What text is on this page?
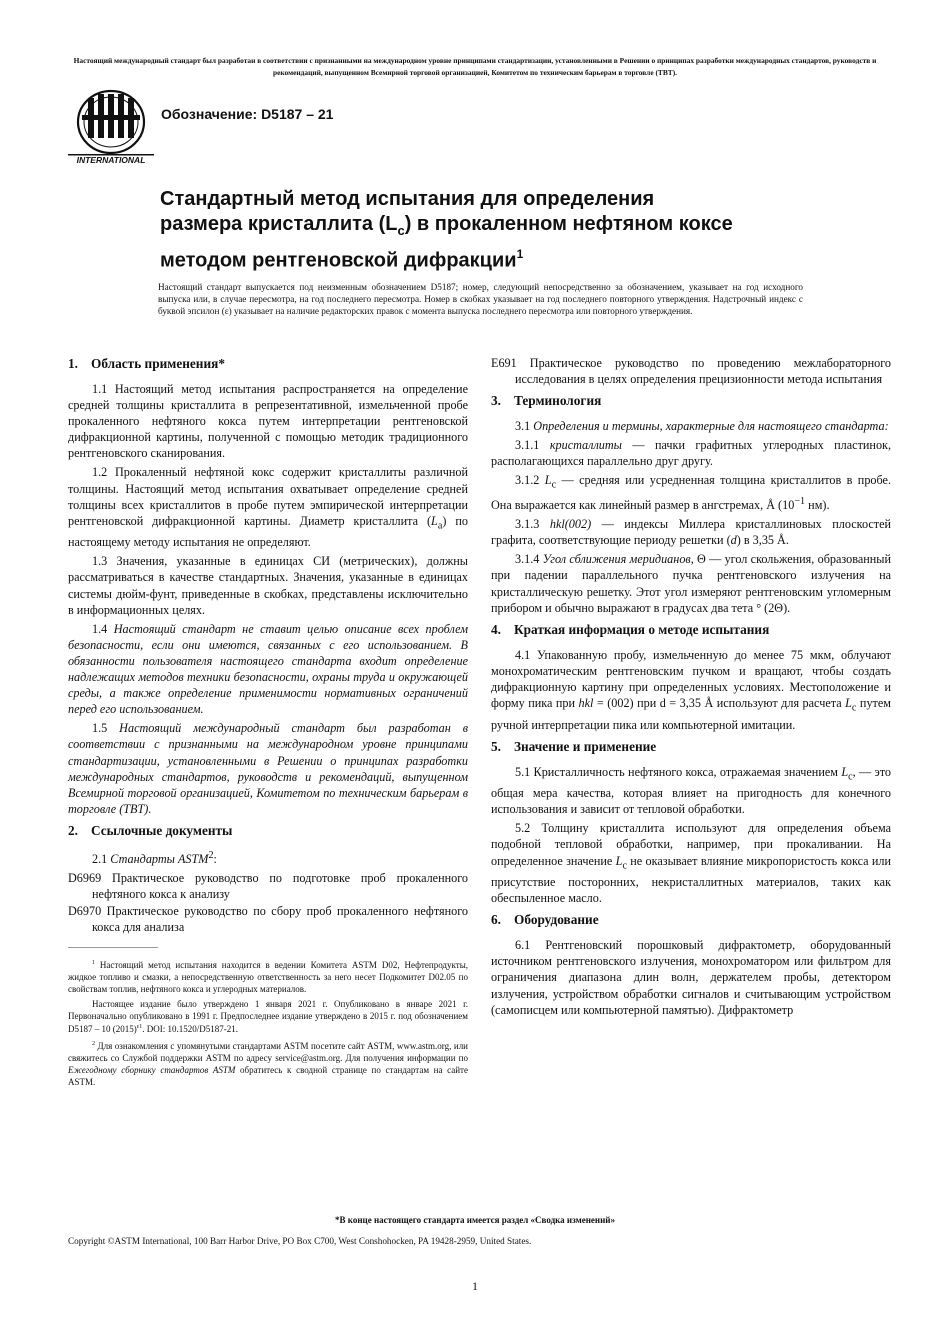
Настоящий международный стандарт был разработан в соответствии с признанными на международном уровне принципами стандартизации, установленными в Решении о принципах разработки международных стандартов, руководств и рекомендаций, выпущенном Всемирной торговой организацией, Комитетом по техническим барьерам в торговле (TBT).
INTERNATIONAL
Обозначение: D5187 – 21
Стандартный метод испытания для определения
размера кристаллита $(L_c)$ в прокаленном нефтяном коксе
методом рентгеновской дифракции$^1$
Настоящий стандарт выпускается под неизменным обозначением D5187; номер, следующий непосредственно за обозначением, указывает на год исходного выпуска или, в случае пересмотра, на год последнего пересмотра. Номер в скобках указывает на год последнего повторного утверждения. Надстрочный индекс с буквой эпсилон (ε) указывает на наличие редакторских правок с момента выпуска последнего пересмотра или повторного утверждения.
1. Область применения*

1.1 Настоящий метод испытания распространяется на определение средней толщины кристаллита в репрезентативной, измельченной пробе прокаленного нефтяного кокса путем интерпретации рентгеновской дифракционной картины, полученной с помощью методик традиционного рентгеновского сканирования.

1.2 Прокаленный нефтяной кокс содержит кристаллиты различной толщины. Настоящий метод испытания охватывает определение средней толщины всех кристаллитов в пробе путем эмпирической интерпретации рентгеновской дифракционной картины. Диаметр кристаллита $(L_a)$ по настоящему методу испытания не определяют.

1.3 Значения, указанные в единицах СИ (метрических), должны рассматриваться в качестве стандартных. Значения, указанные в единицах системы дюйм-фунт, приведенные в скобках, представлены исключительно в информационных целях.

1.4 Настоящий стандарт не ставит целью описание всех проблем безопасности, если они имеются, связанных с его использованием. В обязанности пользователя настоящего стандарта входит определение надлежащих методов техники безопасности, охраны труда и окружающей среды, а также определение применимости нормативных ограничений перед его использованием.

1.5 Настоящий международный стандарт был разработан в соответствии с признанными на международном уровне принципами стандартизации, установленными в Решении о принципах разработки международных стандартов, руководств и рекомендаций, выпущенном Всемирной торговой организацией, Комитетом по техническим барьерам в торговле (TBT).

2. Ссылочные документы

2.1 Стандарты ASTM$^2$:

D6969 Практическое руководство по подготовке проб прокаленного нефтяного кокса к анализу

D6970 Практическое руководство по сбору проб прокаленного нефтяного кокса для анализа

$^1$ Настоящий метод испытания находится в ведении Комитета ASTM D02, Нефтепродукты, жидкое топливо и смазки, а непосредственную ответственность за него несет Подкомитет D02.05 по свойствам топлив, нефтяного кокса и углеродных материалов.

Настоящее издание было утверждено 1 января 2021 г. Опубликовано в январе 2021 г. Первоначально опубликовано в 1991 г. Предпоследнее издание утверждено в 2015 г. под обозначением D5187 – 10 $(2015)^{\varepsilon 1}$. DOI: 10.1520/D5187-21.

$^2$ Для ознакомления с упомянутыми стандартами ASTM посетите сайт ASTM, www.astm.org, или свяжитесь со Службой поддержки ASTM по адресу service@astm.org. Для получения информации по Ежегодному сборнику стандартов ASTM обратитесь к сводной странице по стандартам на сайте ASTM.

E691 Практическое руководство по проведению межлабораторного исследования в целях определения прецизионности метода испытания

3. Терминология

3.1 Определения и термины, характерные для настоящего стандарта:

3.1.1 кристаллиты — пачки графитных углеродных пластинок, располагающихся параллельно друг другу.

3.1.2 $L_c$ — средняя или усредненная толщина кристаллитов в пробе. Она выражается как линейный размер в ангстремах, Å ($10^{-1}$ нм).

3.1.3 hkl(002) — индексы Миллера кристаллиновых плоскостей графита, соответствующие периоду решетки (d) в 3,35 Å.

3.1.4 Угол сближения меридианов, Θ — угол скольжения, образованный при падении параллельного пучка рентгеновского излучения на кристаллическую решетку. Этот угол измеряют рентгеновским угломерным прибором и обычно выражают в градусах два тета ° (2Θ).

4. Краткая информация о методе испытания

4.1 Упакованную пробу, измельченную до менее 75 мкм, облучают монохроматическим рентгеновским пучком и вращают, чтобы создать дифракционную картину при определенных условиях. Местоположение и форму пика при hkl = (002) при d = 3,35 Å используют для расчета $L_c$ путем ручной интерпретации пика или компьютерной имитации.

5. Значение и применение

5.1 Кристалличность нефтяного кокса, отражаемая значением $L_c$, — это общая мера качества, которая влияет на пригодность для конечного использования и зависит от тепловой обработки.

5.2 Толщину кристаллита используют для определения объема подобной тепловой обработки, например, при прокаливании. На определенное значение $L_c$ не оказывает влияние микропористость кокса или присутствие посторонних, некристаллитных материалов, таких как обеспыленное масло.

6. Оборудование

6.1 Рентгеновский порошковый дифрактометр, оборудованный источником рентгеновского излучения, монохроматором или фильтром для ограничения диапазона длин волн, держателем пробы, детектором излучения, устройством обработки сигналов и считывающим устройством (самописцем или компьютерной памятью). Дифрактометр

*В конце настоящего стандарта имеется раздел «Сводка изменений»
Copyright ©ASTM International, 100 Barr Harbor Drive, PO Box C700, West Conshohocken, PA 19428-2959, United States.
1
